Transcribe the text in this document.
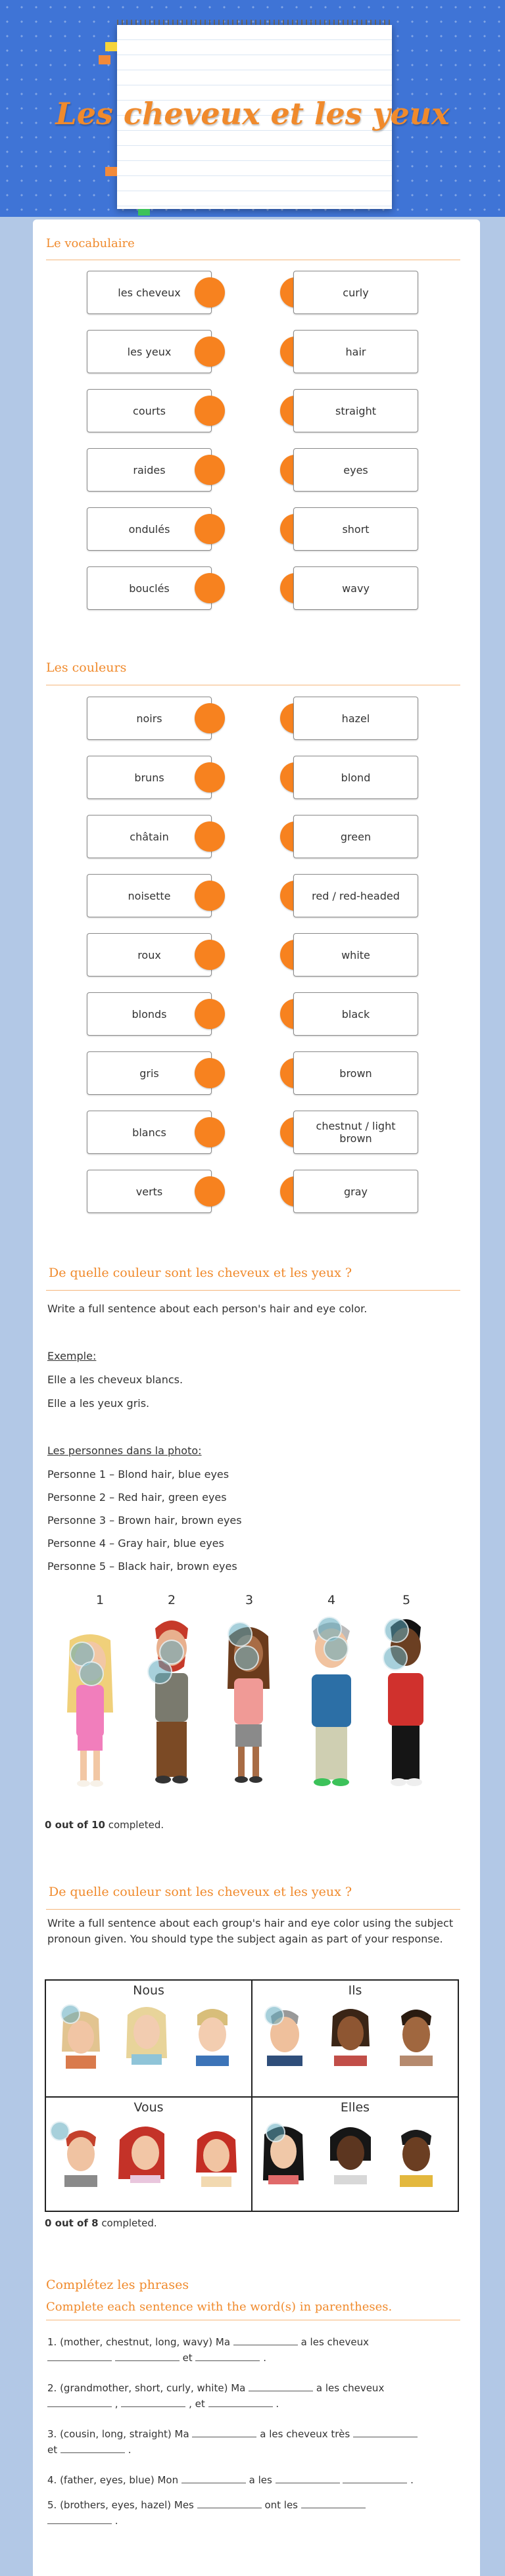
Les cheveux et les yeux
Le vocabulaire
les cheveux	curly
les yeux	hair
courts	straight
raides	eyes
ondulés	short
bouclés	wavy
Les couleurs
noirs	hazel
bruns	blond
châtain	green
noisette	red / red-headed
roux	white
blonds	black
gris	brown
blancs	chestnut / light brown
verts	gray
De quelle couleur sont les cheveux et les yeux ?
Write a full sentence about each person's hair and eye color.
Exemple:
Elle a les cheveux blancs.
Elle a les yeux gris.
Les personnes dans la photo:
Personne 1 – Blond hair, blue eyes
Personne 2 – Red hair, green eyes
Personne 3 – Brown hair, brown eyes
Personne 4 – Gray hair, blue eyes
Personne 5 – Black hair, brown eyes
1	2	3	4	5
0 out of 10 completed.
De quelle couleur sont les cheveux et les yeux ?
Write a full sentence about each group's hair and eye color using the subject pronoun given. You should type the subject again as part of your response.
Nous	Ils
Vous	Elles
0 out of 8 completed.
Complétez les phrases
Complete each sentence with the word(s) in parentheses.
1. (mother, chestnut, long, wavy) Ma	a les cheveux
et	.
2. (grandmother, short, curly, white) Ma	a les cheveux
,	, et	.
3. (cousin, long, straight) Ma	a les cheveux très
et	.
4. (father, eyes, blue) Mon	a les	.
5. (brothers, eyes, hazel) Mes	ont les
.
